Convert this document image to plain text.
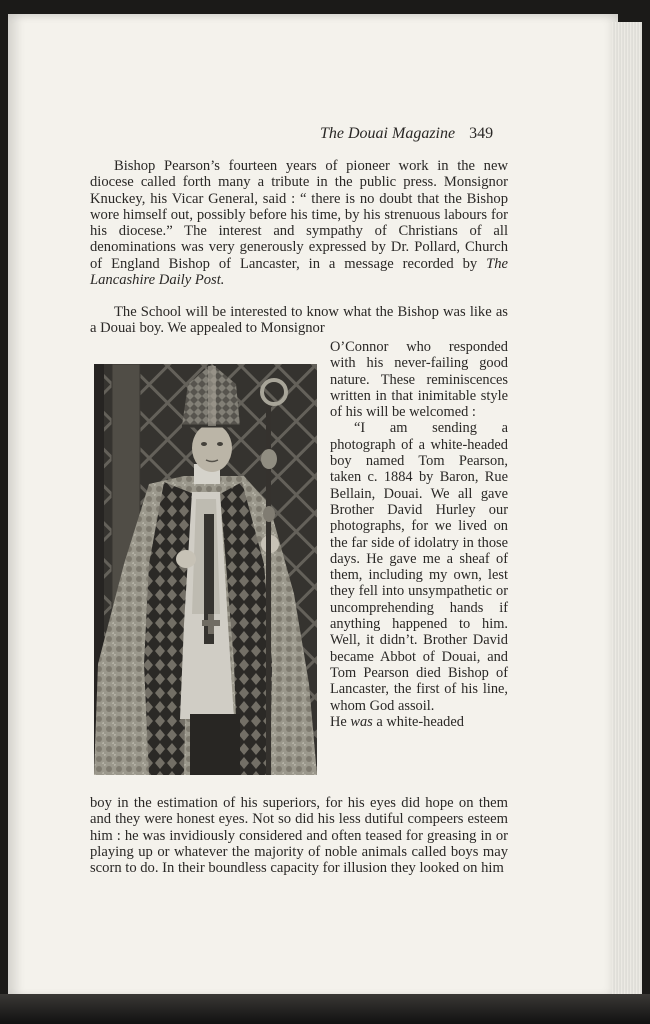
The Douai Magazine 349

Bishop Pearson’s fourteen years of pioneer work in the new diocese called forth many a tribute in the public press. Monsignor Knuckey, his Vicar General, said : “ there is no doubt that the Bishop wore himself out, possibly before his time, by his strenuous labours for his diocese.” The interest and sympathy of Christians of all denominations was very generously expressed by Dr. Pollard, Church of England Bishop of Lancaster, in a message recorded by The Lancashire Daily Post.

The School will be interested to know what the Bishop was like as a Douai boy. We appealed to Monsignor

O’Connor who responded with his never-failing good nature. These reminiscences written in that inimitable style of his will be welcomed :

“I am sending a photograph of a white-headed boy named Tom Pearson, taken c. 1884 by Baron, Rue Bellain, Douai. We all gave Brother David Hurley our photographs, for we lived on the far side of idolatry in those days. He gave me a sheaf of them, including my own, lest they fell into unsympathetic or uncomprehending hands if anything happened to him. Well, it didn’t. Brother David became Abbot of Douai, and Tom Pearson died Bishop of Lancaster, the first of his line, whom God assoil.

He was a white-headed

boy in the estimation of his superiors, for his eyes did hope on them and they were honest eyes. Not so did his less dutiful compeers esteem him : he was invidiously considered and often teased for greasing in or playing up or whatever the majority of noble animals called boys may scorn to do. In their boundless capacity for illusion they looked on him
